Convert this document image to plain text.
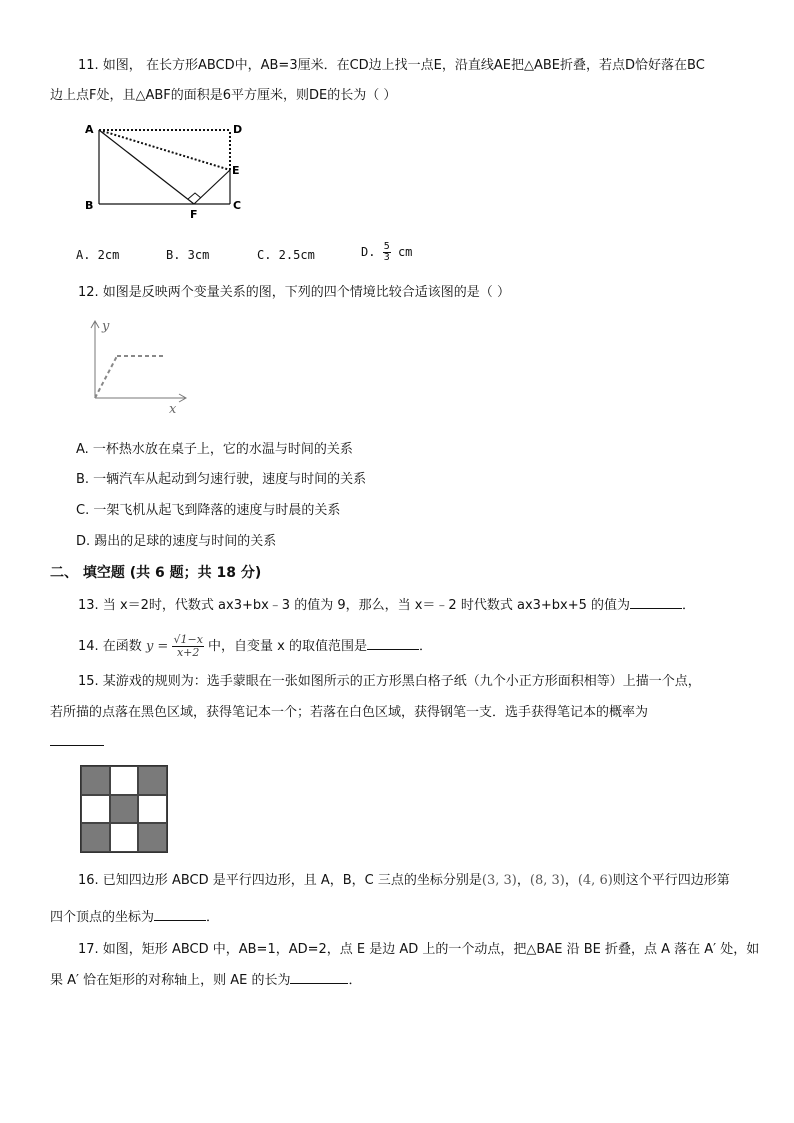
11. 如图， 在长方形ABCD中，AB=3厘米．在CD边上找一点E，沿直线AE把△ABE折叠，若点D恰好落在BC
边上点F处，且△ABF的面积是6平方厘米，则DE的长为（ ）
A	D
E
B	C
F
A. 2cm	B. 3cm	C. 2.5cm	D. $\frac{5}{3}$ cm
12. 如图是反映两个变量关系的图，下列的四个情境比较合适该图的是（ ）
y
x
A. 一杯热水放在桌子上，它的水温与时间的关系
B. 一辆汽车从起动到匀速行驶，速度与时间的关系
C. 一架飞机从起飞到降落的速度与时晨的关系
D. 踢出的足球的速度与时间的关系
二、 填空题 (共 6 题；共 18 分)
13. 当 x＝2时，代数式 ax3+bx﹣3 的值为 9，那么，当 x＝﹣2 时代数式 ax3+bx+5 的值为	．
14. 在函数 $y = \frac{√1-x}{x+2}$ 中，自变量 x 的取值范围是	．
15. 某游戏的规则为：选手蒙眼在一张如图所示的正方形黑白格子纸（九个小正方形面积相等）上描一个点，
若所描的点落在黑色区域，获得笔记本一个；若落在白色区域，获得钢笔一支．选手获得笔记本的概率为
16. 已知四边形 ABCD 是平行四边形，且 A，B，C 三点的坐标分别是(3, 3)，(8, 3)，(4, 6)则这个平行四边形第
四个顶点的坐标为	．
17. 如图，矩形 ABCD 中，AB=1，AD=2，点 E 是边 AD 上的一个动点，把△BAE 沿 BE 折叠，点 A 落在 A′ 处，如
果 A′ 恰在矩形的对称轴上，则 AE 的长为	．
